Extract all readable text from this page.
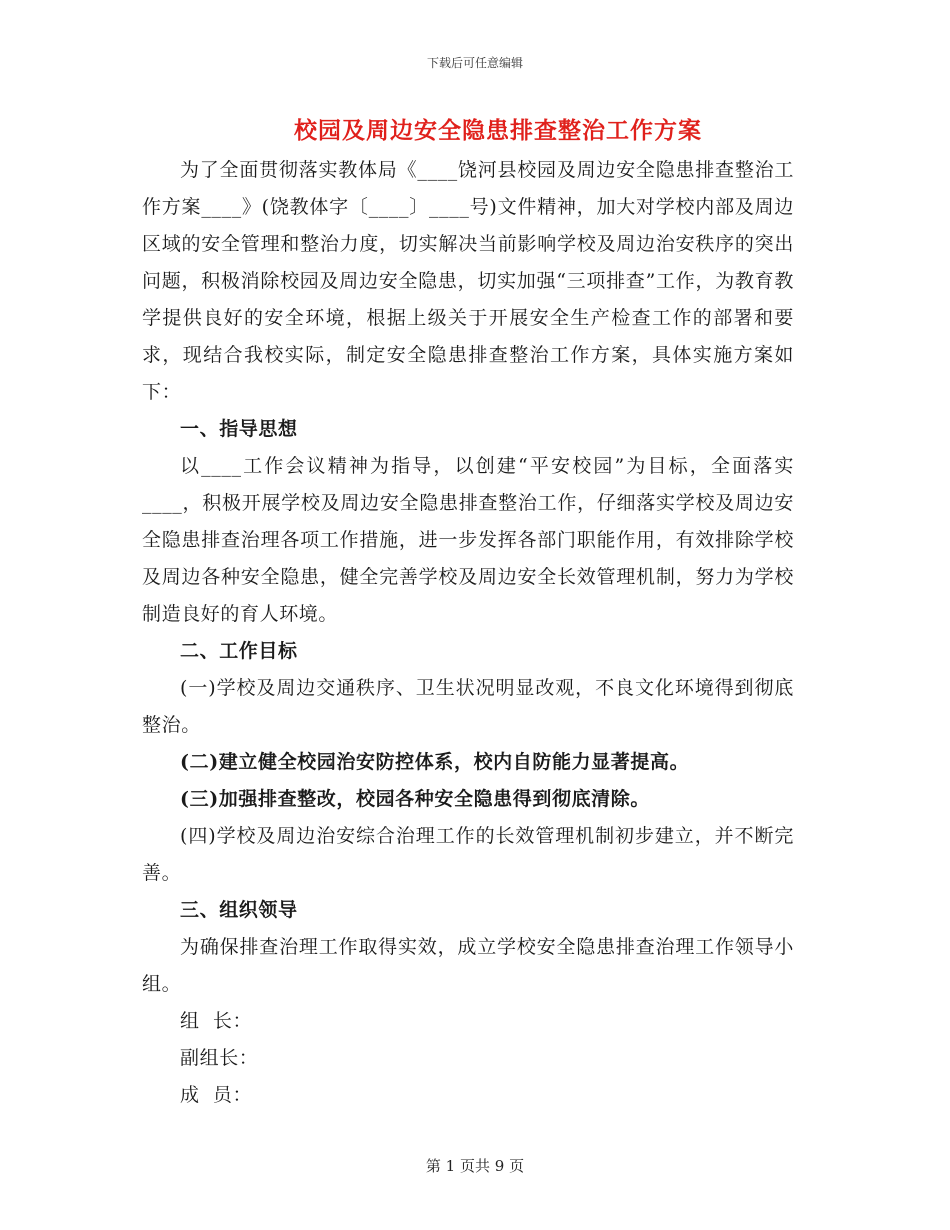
下载后可任意编辑
校园及周边安全隐患排查整治工作方案

为了全面贯彻落实教体局《____饶河县校园及周边安全隐患排查整治工作方案____》(饶教体字〔____〕____号)文件精神，加大对学校内部及周边区域的安全管理和整治力度，切实解决当前影响学校及周边治安秩序的突出问题，积极消除校园及周边安全隐患，切实加强“三项排查”工作，为教育教学提供良好的安全环境，根据上级关于开展安全生产检查工作的部署和要求，现结合我校实际，制定安全隐患排查整治工作方案，具体实施方案如下：

一、指导思想

以____工作会议精神为指导，以创建“平安校园”为目标，全面落实____，积极开展学校及周边安全隐患排查整治工作，仔细落实学校及周边安全隐患排查治理各项工作措施，进一步发挥各部门职能作用，有效排除学校及周边各种安全隐患，健全完善学校及周边安全长效管理机制，努力为学校制造良好的育人环境。

二、工作目标

(一)学校及周边交通秩序、卫生状况明显改观，不良文化环境得到彻底整治。

(二)建立健全校园治安防控体系，校内自防能力显著提高。

(三)加强排查整改，校园各种安全隐患得到彻底清除。

(四)学校及周边治安综合治理工作的长效管理机制初步建立，并不断完善。

三、组织领导

为确保排查治理工作取得实效，成立学校安全隐患排查治理工作领导小组。

组  长：

副组长：

成  员：

第 1 页共 9 页
